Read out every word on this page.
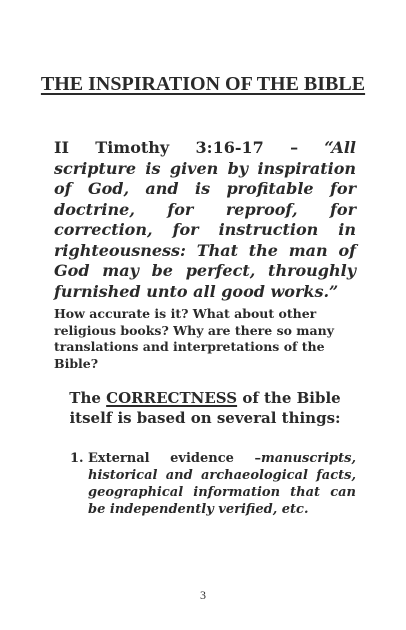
THE INSPIRATION OF THE BIBLE
II Timothy 3:16-17 – “All scripture is given by inspiration of God, and is profitable for doctrine, for reproof, for correction, for instruction in righteousness: That the man of God may be perfect, throughly furnished unto all good works.”
How accurate is it? What about other religious books? Why are there so many translations and interpretations of the Bible?
The CORRECTNESS of the Bible itself is based on several things:
1. External evidence –manuscripts, historical and archaeological facts, geographical information that can be independently verified, etc.
3
